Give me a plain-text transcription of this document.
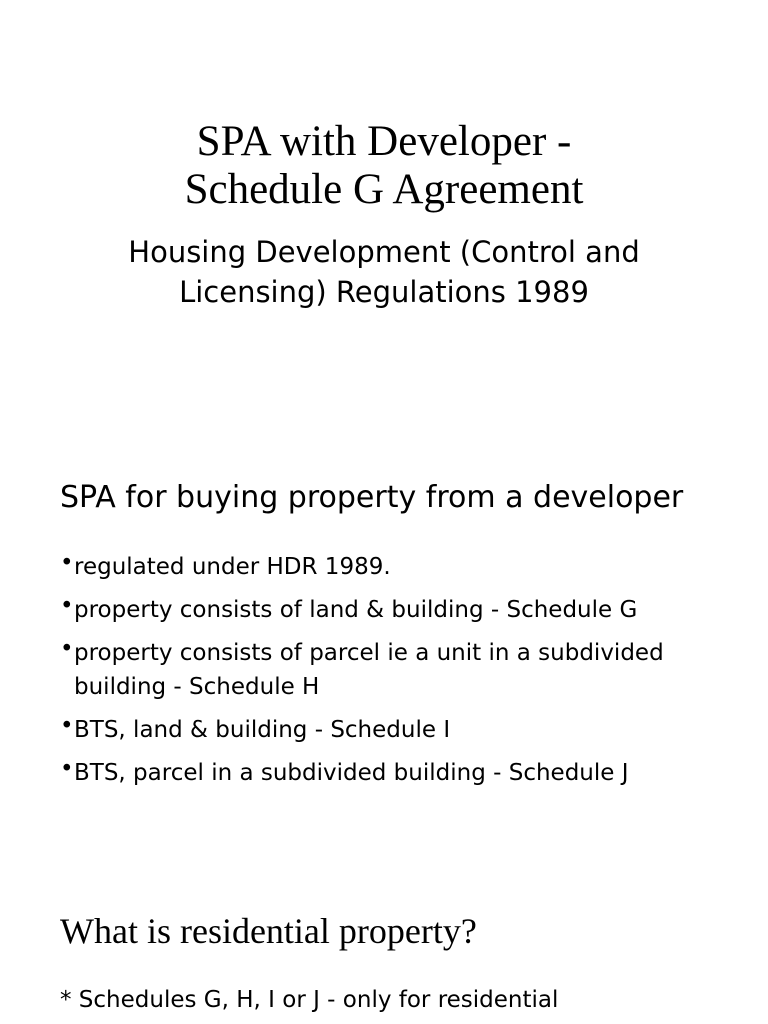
SPA with Developer -
Schedule G Agreement
Housing Development (Control and
Licensing) Regulations 1989
SPA for buying property from a developer
• regulated under HDR 1989.
• property consists of land & building - Schedule G
• property consists of parcel ie a unit in a subdivided building - Schedule H
• BTS, land & building - Schedule I
• BTS, parcel in a subdivided building - Schedule J
What is residential property?
* Schedules G, H, I or J - only for residential
